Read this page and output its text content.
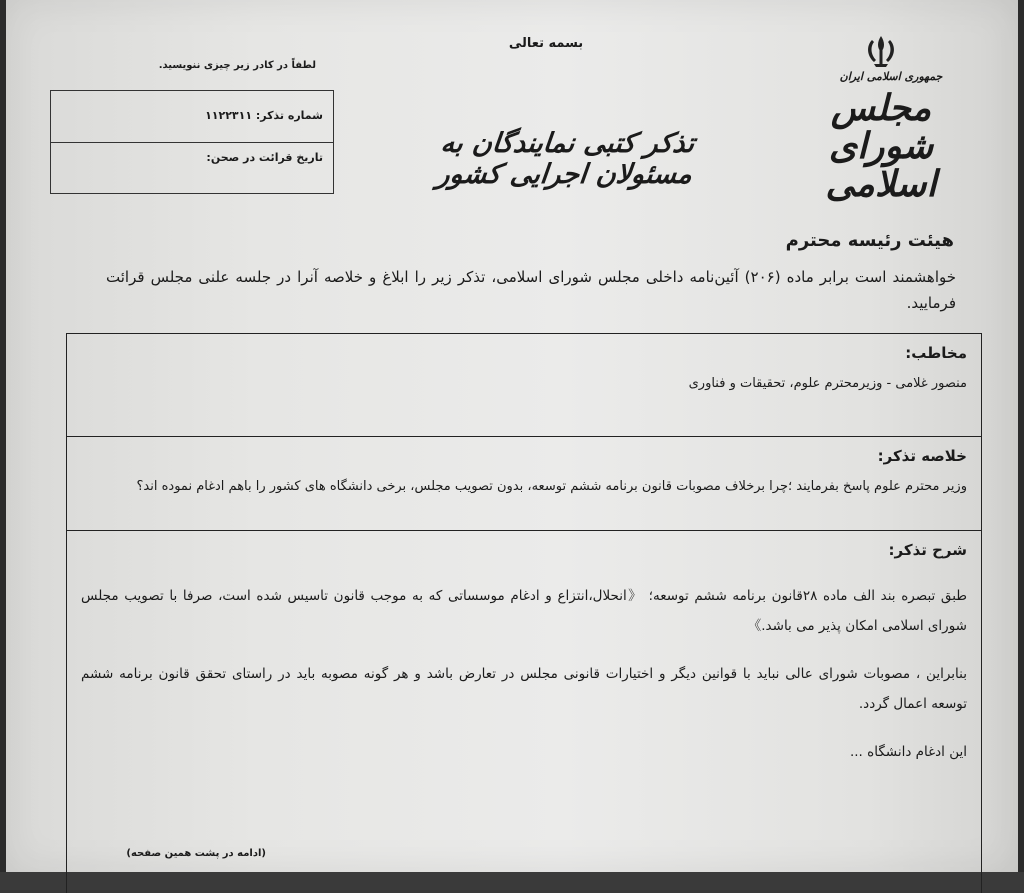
بسمه تعالی
لطفاً در کادر زیر چیزی ننویسید.
شماره تذکر: ۱۱۲۲۳۱۱
تاریخ قرائت در صحن:	تذکر کتبی نمایندگان به مسئولان اجرایی کشور
جمهوری اسلامی ایران
مجلس شورای اسلامی
هیئت رئیسه محترم
خواهشمند است برابر ماده (۲۰۶) آئین‌نامه داخلی مجلس شورای اسلامی، تذکر زیر را ابلاغ و خلاصه آنرا در جلسه علنی مجلس قرائت فرمایید.
مخاطب:
منصور غلامی - وزیرمحترم علوم، تحقیقات و فناوری
خلاصه تذکر:
وزیر محترم علوم پاسخ بفرمایند ؛چرا برخلاف مصوبات قانون برنامه ششم توسعه، بدون تصویب مجلس، برخی دانشگاه های کشور را باهم ادغام نموده اند؟
شرح تذکر:

طبق تبصره بند الف ماده ۲۸قانون برنامه ششم توسعه؛ 《انحلال،انتزاع و ادغام موسساتی که به موجب قانون تاسیس شده است، صرفا با تصویب مجلس شورای اسلامی امکان پذیر می باشد.》

بنابراین ، مصوبات شورای عالی نباید با قوانین دیگر و اختیارات قانونی مجلس در تعارض باشد و هر گونه مصوبه باید در راستای تحقق قانون برنامه ششم توسعه اعمال گردد.

این ادغام دانشگاه ...

(ادامه در پشت همین صفحه)
